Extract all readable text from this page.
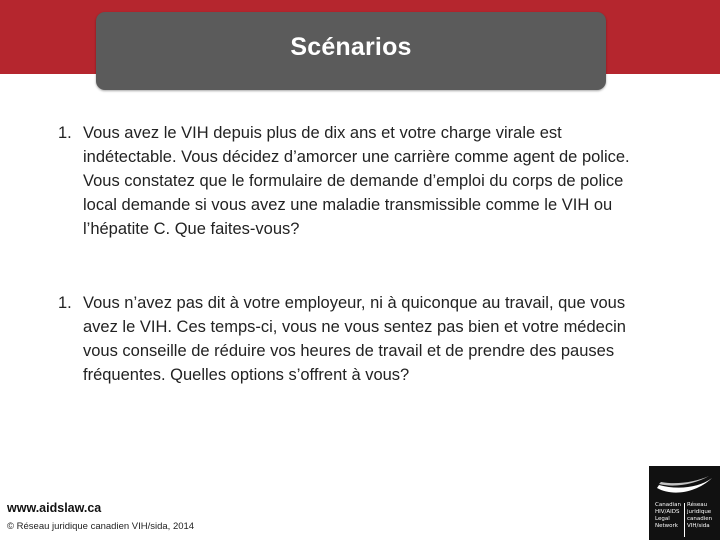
Scénarios
1. Vous avez le VIH depuis plus de dix ans et votre charge virale est indétectable. Vous décidez d’amorcer une carrière comme agent de police. Vous constatez que le formulaire de demande d’emploi du corps de police local demande si vous avez une maladie transmissible comme le VIH ou l’hépatite C. Que faites-vous?
1. Vous n’avez pas dit à votre employeur, ni à quiconque au travail, que vous avez le VIH. Ces temps-ci, vous ne vous sentez pas bien et votre médecin vous conseille de réduire vos heures de travail et de prendre des pauses fréquentes. Quelles options s’offrent à vous?
www.aidslaw.ca
© Réseau juridique canadien VIH/sida, 2014
Canadian
HIV/AIDS
Legal
Network
Réseau
juridique
canadien
VIH/sida
